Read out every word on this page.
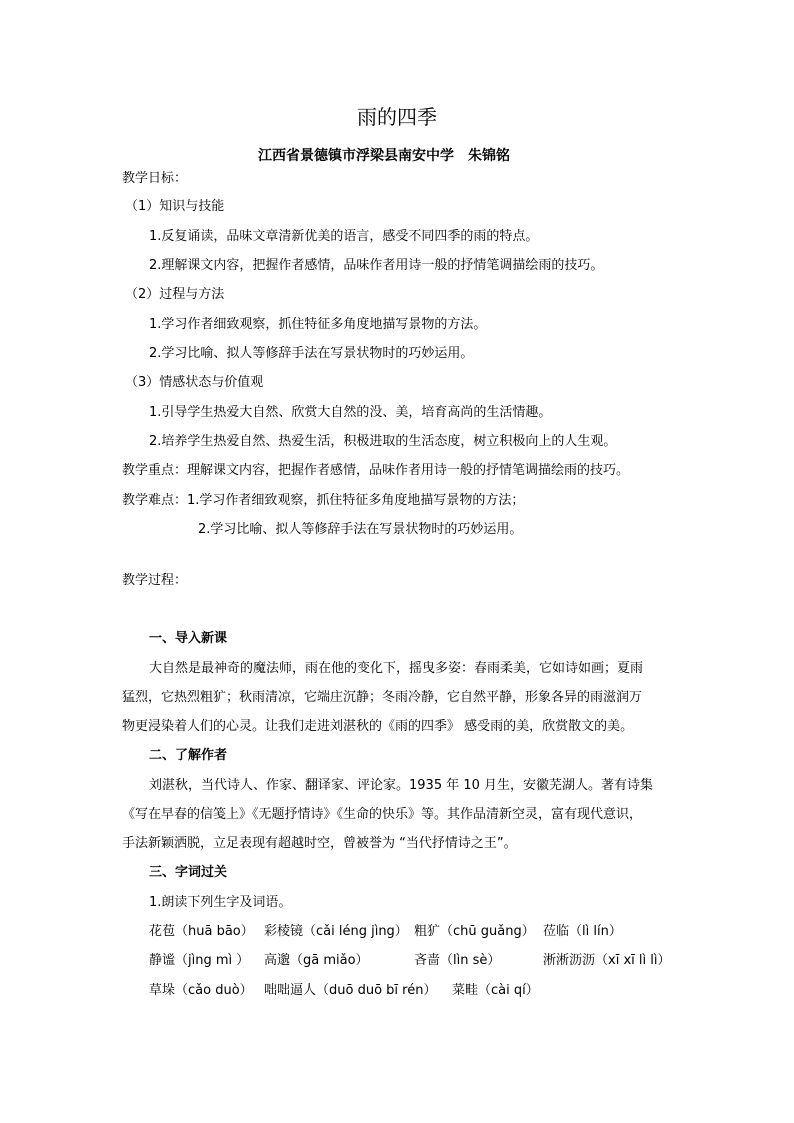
雨的四季
江西省景德镇市浮梁县南安中学　朱锦铭
教学日标：
（1）知识与技能
1.反复诵读，品味文章清新优美的语言，感受不同四季的雨的特点。
2.理解课文内容，把握作者感情，品味作者用诗一般的抒情笔调描绘雨的技巧。
（2）过程与方法
1.学习作者细致观察，抓住特征多角度地描写景物的方法。
2.学习比喻、拟人等修辞手法在写景状物时的巧妙运用。
（3）情感状态与价值观
1.引导学生热爱大自然、欣赏大自然的没、美，培育高尚的生活情趣。
2.培养学生热爱自然、热爱生活，积极进取的生活态度，树立积极向上的人生观。
教学重点：理解课文内容，把握作者感情，品味作者用诗一般的抒情笔调描绘雨的技巧。
教学难点：1.学习作者细致观察，抓住特征多角度地描写景物的方法；
2.学习比喻、拟人等修辞手法在写景状物时的巧妙运用。
教学过程：
一、导入新课
大自然是最神奇的魔法师，雨在他的变化下，摇曳多姿：春雨柔美，它如诗如画；夏雨
猛烈，它热烈粗犷；秋雨清凉，它端庄沉静；冬雨冷静，它自然平静，形象各异的雨滋润万
物更浸染着人们的心灵。让我们走进刘湛秋的《雨的四季》 感受雨的美，欣赏散文的美。
二、了解作者
刘湛秋，当代诗人、作家、翻译家、评论家。1935 年 10 月生，安徽芜湖人。著有诗集
《写在早春的信笺上》《无题抒情诗》《生命的快乐》等。其作品清新空灵，富有现代意识，
手法新颖洒脱，立足表现有超越时空，曾被誉为 “当代抒情诗之王”。
三、字词过关
1.朗读下列生字及词语。
花苞（huā bāo） 彩棱镜（cǎi léng jìng） 粗犷（chū guǎng） 莅临（lì lín）
静谧（jìng mì ） 高邈（gā miǎo）	吝啬（lìn sè）	淅淅沥沥（xī xī lì lì）
草垛（cǎo duò） 咄咄逼人（duō duō bī rén） 菜畦（cài qí）
